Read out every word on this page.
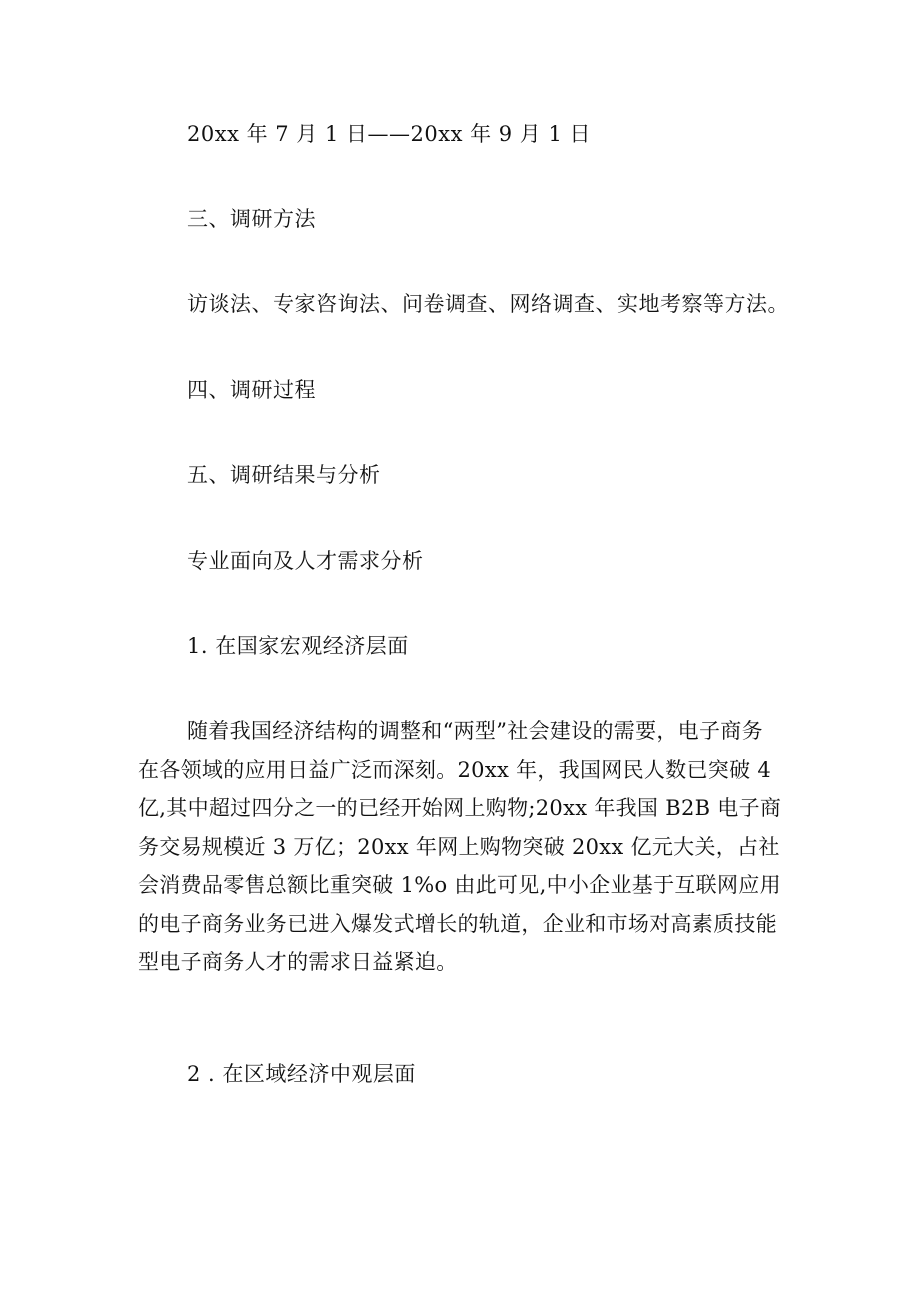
20xx 年 7 月 1 日——20xx 年 9 月 1 日
三、调研方法
访谈法、专家咨询法、问卷调查、网络调查、实地考察等方法。
四、调研过程
五、调研结果与分析
专业面向及人才需求分析
1. 在国家宏观经济层面
随着我国经济结构的调整和“两型”社会建设的需要，电子商务
在各领域的应用日益广泛而深刻。20xx 年，我国网民人数已突破 4
亿,其中超过四分之一的已经开始网上购物;20xx 年我国 B2B 电子商
务交易规模近 3 万亿；20xx 年网上购物突破 20xx 亿元大关，占社
会消费品零售总额比重突破 1%o 由此可见,中小企业基于互联网应用
的电子商务业务已进入爆发式增长的轨道，企业和市场对高素质技能
型电子商务人才的需求日益紧迫。
2 . 在区域经济中观层面
